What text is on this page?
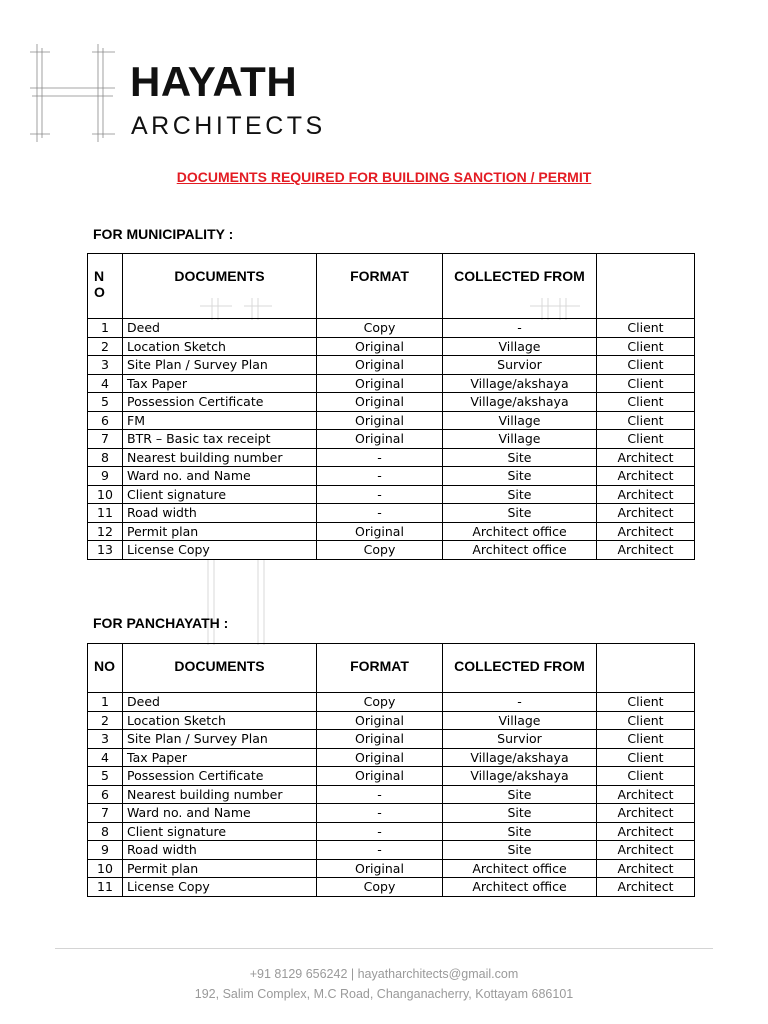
HAYATH
ARCHITECTS
DOCUMENTS REQUIRED FOR BUILDING SANCTION / PERMIT
FOR MUNICIPALITY :
N O	DOCUMENTS	FORMAT	COLLECTED FROM	
1	Deed	Copy	-	Client
2	Location Sketch	Original	Village	Client
3	Site Plan / Survey Plan	Original	Survior	Client
4	Tax Paper	Original	Village/akshaya	Client
5	Possession Certificate	Original	Village/akshaya	Client
6	FM	Original	Village	Client
7	BTR – Basic tax receipt	Original	Village	Client
8	Nearest building number	-	Site	Architect
9	Ward no. and Name	-	Site	Architect
10	Client signature	-	Site	Architect
11	Road width	-	Site	Architect
12	Permit plan	Original	Architect office	Architect
13	License Copy	Copy	Architect office	Architect
FOR PANCHAYATH :
NO	DOCUMENTS	FORMAT	COLLECTED FROM	
1	Deed	Copy	-	Client
2	Location Sketch	Original	Village	Client
3	Site Plan / Survey Plan	Original	Survior	Client
4	Tax Paper	Original	Village/akshaya	Client
5	Possession Certificate	Original	Village/akshaya	Client
6	Nearest building number	-	Site	Architect
7	Ward no. and Name	-	Site	Architect
8	Client signature	-	Site	Architect
9	Road width	-	Site	Architect
10	Permit plan	Original	Architect office	Architect
11	License Copy	Copy	Architect office	Architect
+91 8129 656242 | hayatharchitects@gmail.com
192, Salim Complex, M.C Road, Changanacherry, Kottayam 686101
